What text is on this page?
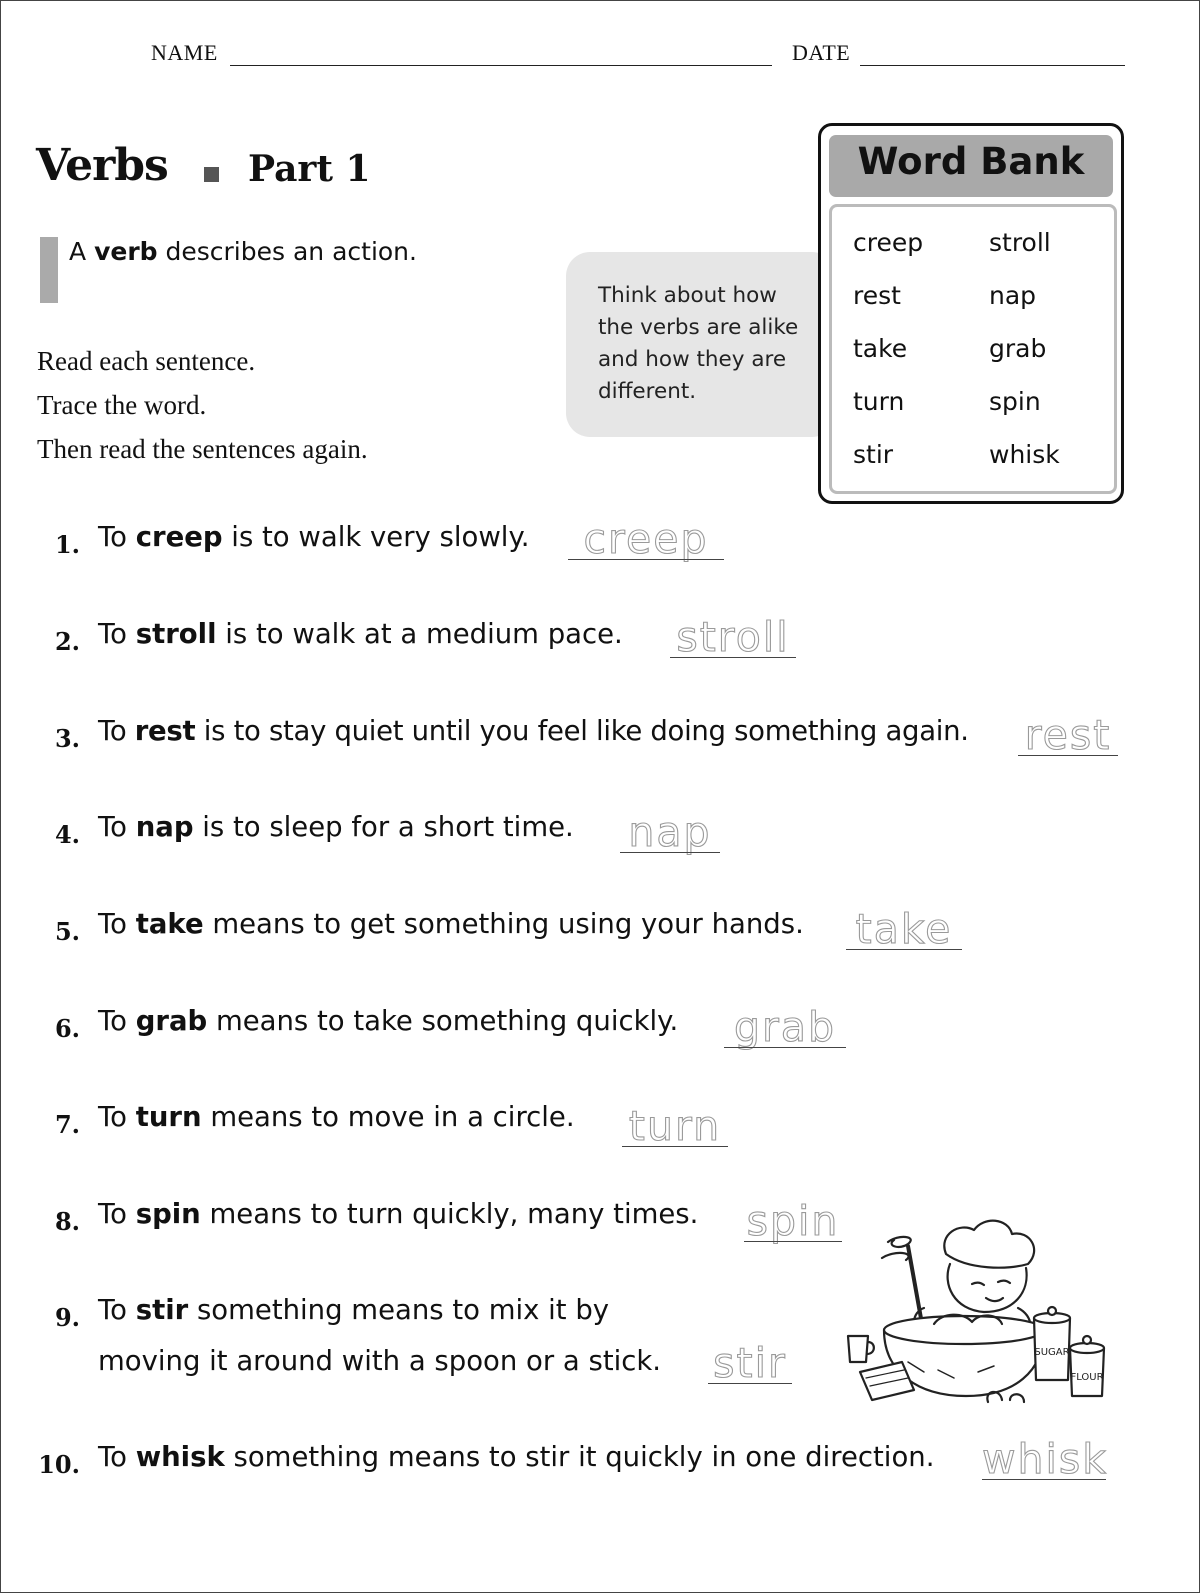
NAME	DATE
Verbs Part 1
A verb describes an action.
Read each sentence.
Trace the word.
Then read the sentences again.
Think about how the verbs are alike and how they are different.
Word Bank
creep
rest
take
turn
stir
stroll
nap
grab
spin
whisk
1. To creep is to walk very slowly.	creep
2. To stroll is to walk at a medium pace. stroll
3. To rest is to stay quiet until you feel like doing something again. rest
4. To nap is to sleep for a short time. nap
5. To take means to get something using your hands. take
6. To grab means to take something quickly. grab
7. To turn means to move in a circle. turn
8. To spin means to turn quickly, many times. spin
9. To stir something means to mix it by
moving it around with a spoon or a stick. stir
10. To whisk something means to stir it quickly in one direction. whisk
SUGAR
FLOUR
